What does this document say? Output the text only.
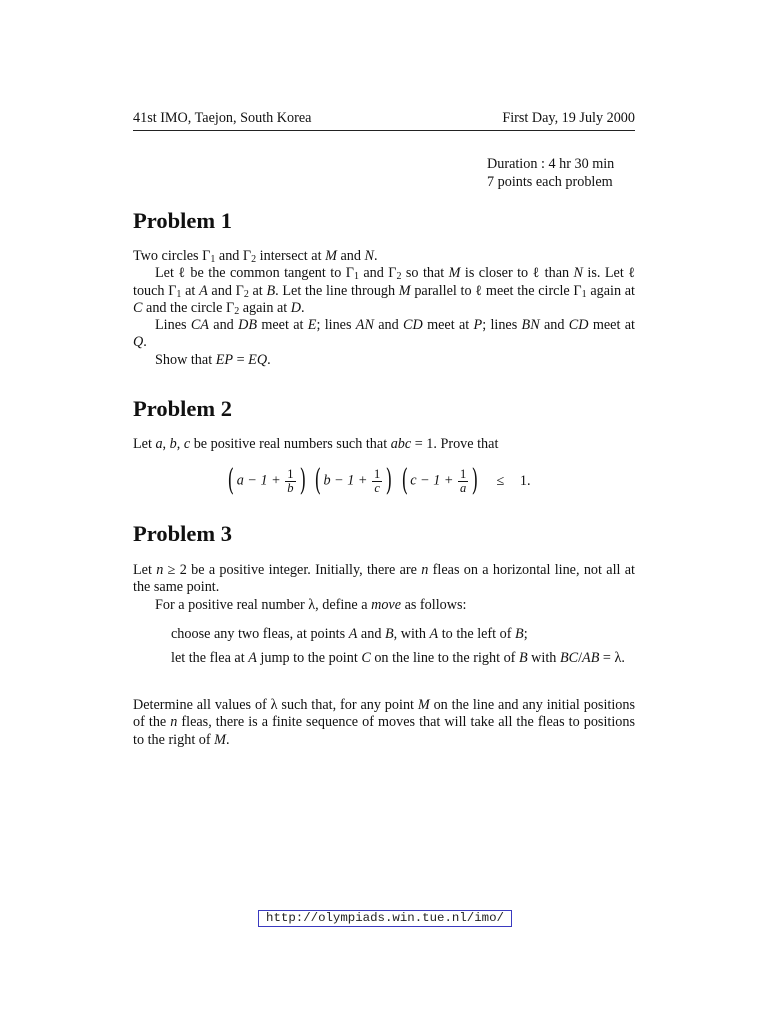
41st IMO, Taejon, South Korea	First Day, 19 July 2000
Duration : 4 hr 30 min
7 points each problem
Problem 1
Two circles $\Gamma_1$ and $\Gamma_2$ intersect at M and N.
Let ℓ be the common tangent to $\Gamma_1$ and $\Gamma_2$ so that M is closer to ℓ than N is. Let ℓ touch $\Gamma_1$ at A and $\Gamma_2$ at B. Let the line through M parallel to ℓ meet the circle $\Gamma_1$ again at C and the circle $\Gamma_2$ again at D.
Lines CA and DB meet at E; lines AN and CD meet at P; lines BN and CD meet at Q.
Show that EP = EQ.
Problem 2
Let a, b, c be positive real numbers such that abc = 1. Prove that
( $a - 1 + \frac{1}{b}$ ) ( $b - 1 + \frac{1}{c}$ ) ( $c - 1 + \frac{1}{a}$ ) ≤ 1.
Problem 3
Let n ≥ 2 be a positive integer. Initially, there are n fleas on a horizontal line, not all at the same point.
For a positive real number λ, define a move as follows:
choose any two fleas, at points A and B, with A to the left of B;
let the flea at A jump to the point C on the line to the right of B with BC/AB = λ.
Determine all values of λ such that, for any point M on the line and any initial positions of the n fleas, there is a finite sequence of moves that will take all the fleas to positions to the right of M.
http://olympiads.win.tue.nl/imo/
